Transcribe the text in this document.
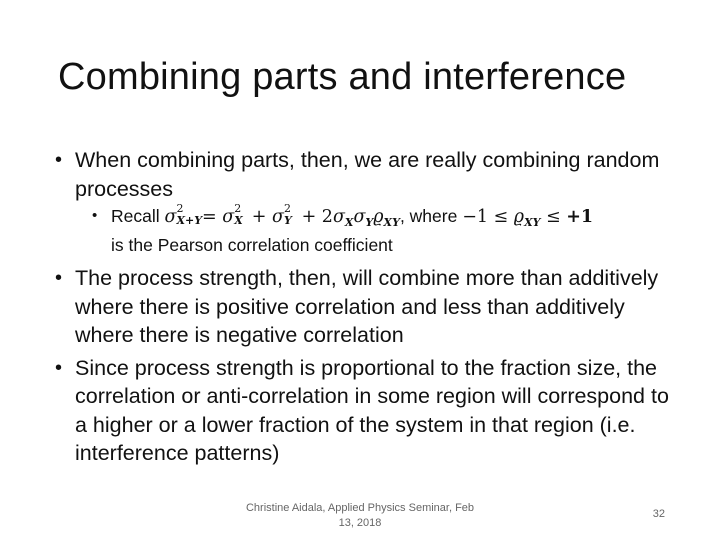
Combining parts and interference
• When combining parts, then, we are really combining random processes
• Recall σ 2
X+Y = σ 2
X + σ 2
$Y + 2\sigma_X\sigma_Yϱ_{XY}$, where $-1 \le ϱ_{XY} \le +1$
is the Pearson correlation coefficient
• The process strength, then, will combine more than additively where there is positive correlation and less than additively where there is negative correlation
• Since process strength is proportional to the fraction size, the correlation or anti-correlation in some region will correspond to a higher or a lower fraction of the system in that region (i.e. interference patterns)
Christine Aidala, Applied Physics Seminar, Feb 13, 2018
32
